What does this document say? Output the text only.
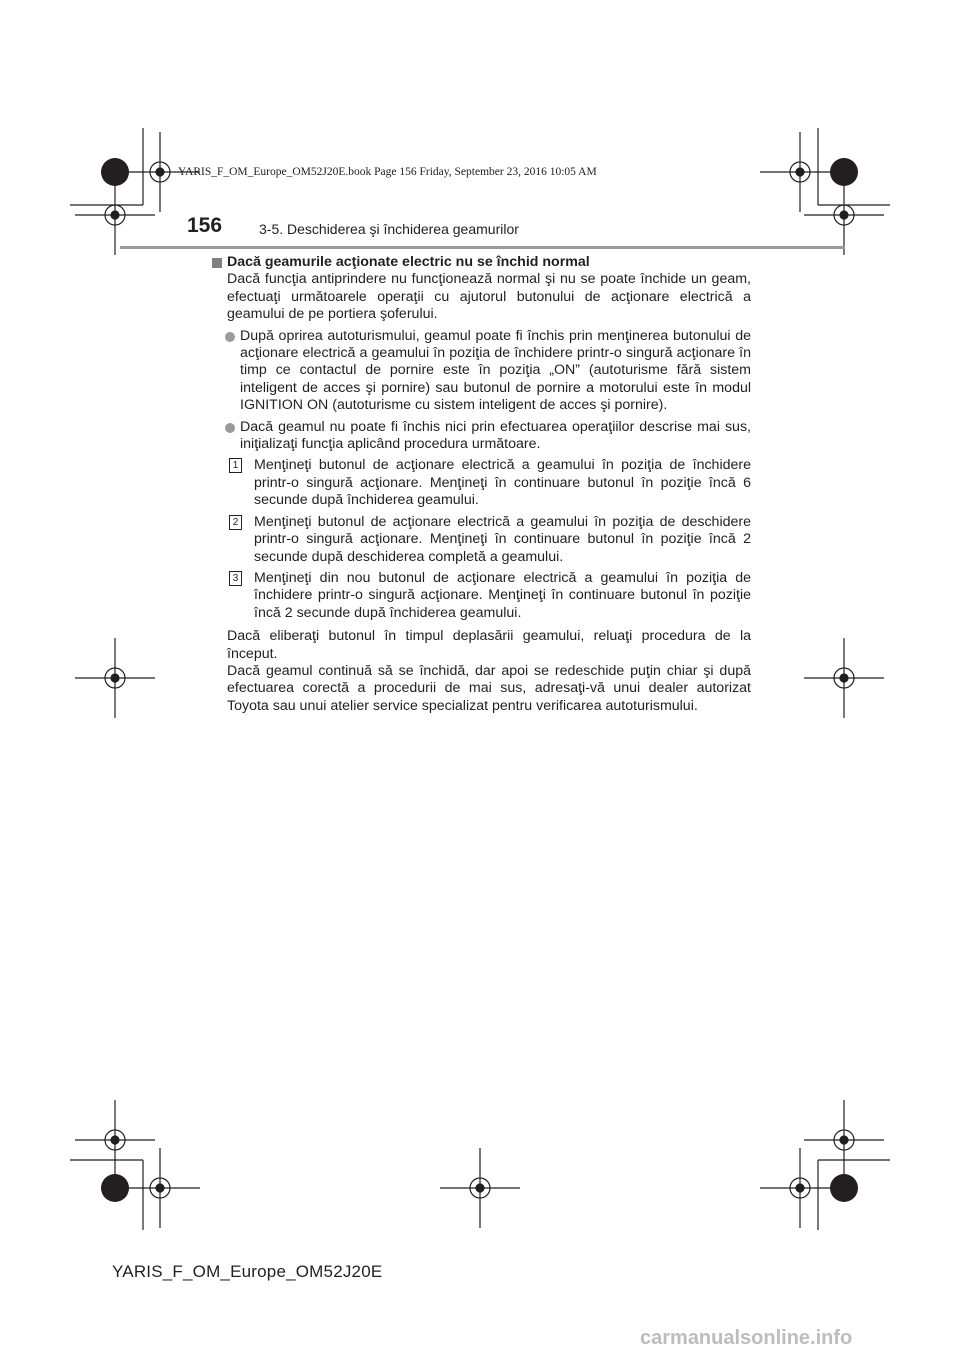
YARIS_F_OM_Europe_OM52J20E.book Page 156 Friday, September 23, 2016 10:05 AM
156	3-5. Deschiderea şi închiderea geamurilor

Dacă geamurile acţionate electric nu se închid normal

Dacă funcţia antiprindere nu funcţionează normal şi nu se poate închide un geam, efectuaţi următoarele operaţii cu ajutorul butonului de acţionare electrică a geamului de pe portiera şoferului.

După oprirea autoturismului, geamul poate fi închis prin menţinerea butonului de acţionare electrică a geamului în poziţia de închidere printr-o singură acţionare în timp ce contactul de pornire este în poziţia „ON” (autoturisme fără sistem inteligent de acces şi pornire) sau butonul de pornire a motorului este în modul IGNITION ON (autoturisme cu sistem inteligent de acces şi pornire).

Dacă geamul nu poate fi închis nici prin efectuarea operaţiilor descrise mai sus, iniţializaţi funcţia aplicând procedura următoare.

1 Menţineţi butonul de acţionare electrică a geamului în poziţia de închidere printr-o singură acţionare. Menţineţi în continuare butonul în poziţie încă 6 secunde după închiderea geamului.

2 Menţineţi butonul de acţionare electrică a geamului în poziţia de deschidere printr-o singură acţionare. Menţineţi în continuare butonul în poziţie încă 2 secunde după deschiderea completă a geamului.

3 Menţineţi din nou butonul de acţionare electrică a geamului în poziţia de închidere printr-o singură acţionare. Menţineţi în continuare butonul în poziţie încă 2 secunde după închiderea geamului.

Dacă eliberaţi butonul în timpul deplasării geamului, reluaţi procedura de la început.

Dacă geamul continuă să se închidă, dar apoi se redeschide puţin chiar şi după efectuarea corectă a procedurii de mai sus, adresaţi-vă unui dealer autorizat Toyota sau unui atelier service specializat pentru verificarea autoturismului.

YARIS_F_OM_Europe_OM52J20E
carmanualsonline.info
